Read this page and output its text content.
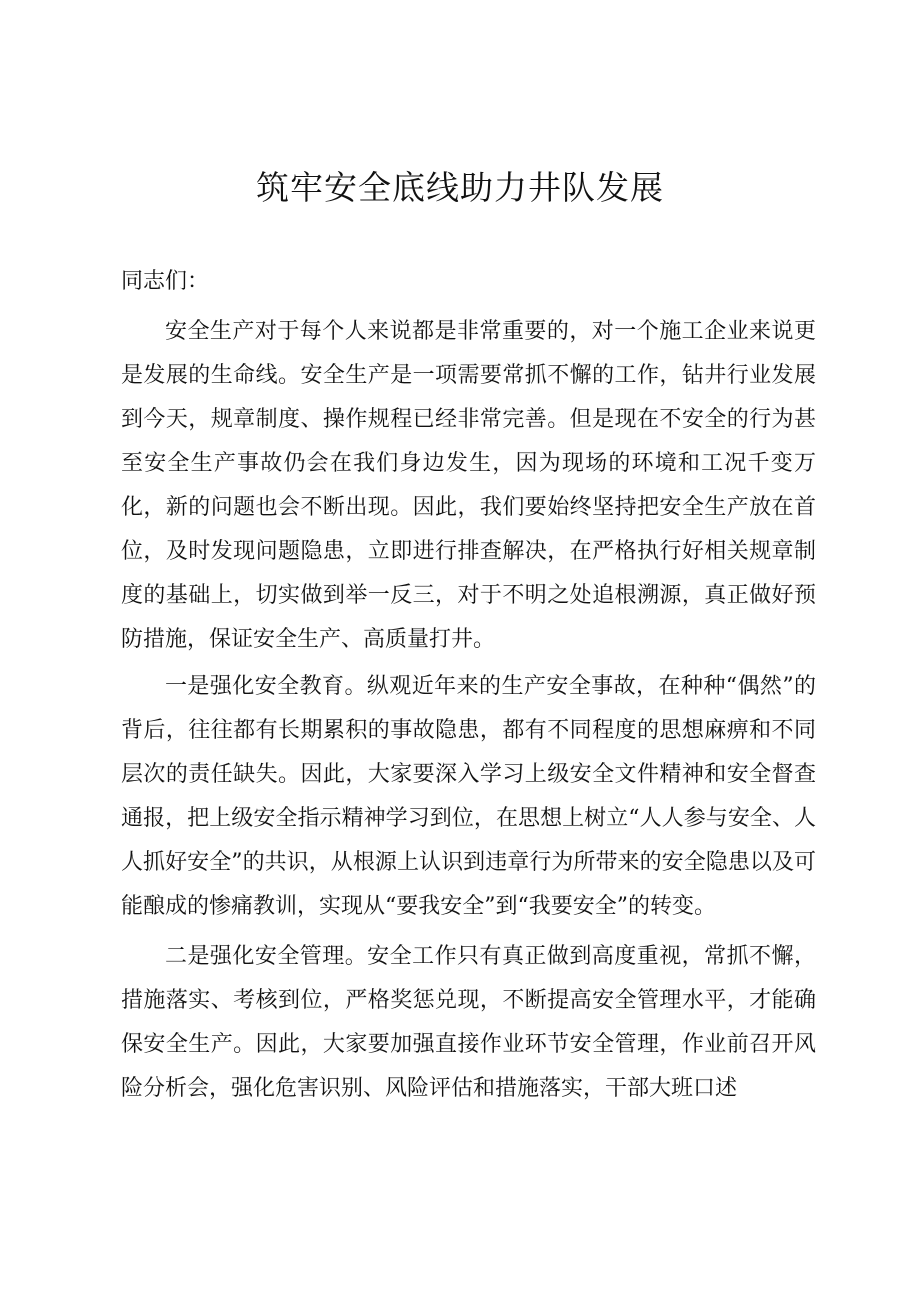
筑牢安全底线助力井队发展

同志们：

安全生产对于每个人来说都是非常重要的，对一个施工企业来说更是发展的生命线。安全生产是一项需要常抓不懈的工作，钻井行业发展到今天，规章制度、操作规程已经非常完善。但是现在不安全的行为甚至安全生产事故仍会在我们身边发生，因为现场的环境和工况千变万化，新的问题也会不断出现。因此，我们要始终坚持把安全生产放在首位，及时发现问题隐患，立即进行排查解决，在严格执行好相关规章制度的基础上，切实做到举一反三，对于不明之处追根溯源，真正做好预防措施，保证安全生产、高质量打井。

一是强化安全教育。纵观近年来的生产安全事故，在种种“偶然”的背后，往往都有长期累积的事故隐患，都有不同程度的思想麻痹和不同层次的责任缺失。因此，大家要深入学习上级安全文件精神和安全督查通报，把上级安全指示精神学习到位，在思想上树立“人人参与安全、人人抓好安全”的共识，从根源上认识到违章行为所带来的安全隐患以及可能酿成的惨痛教训，实现从“要我安全”到“我要安全”的转变。

二是强化安全管理。安全工作只有真正做到高度重视，常抓不懈，措施落实、考核到位，严格奖惩兑现，不断提高安全管理水平，才能确保安全生产。因此，大家要加强直接作业环节安全管理，作业前召开风险分析会，强化危害识别、风险评估和措施落实，干部大班口述
